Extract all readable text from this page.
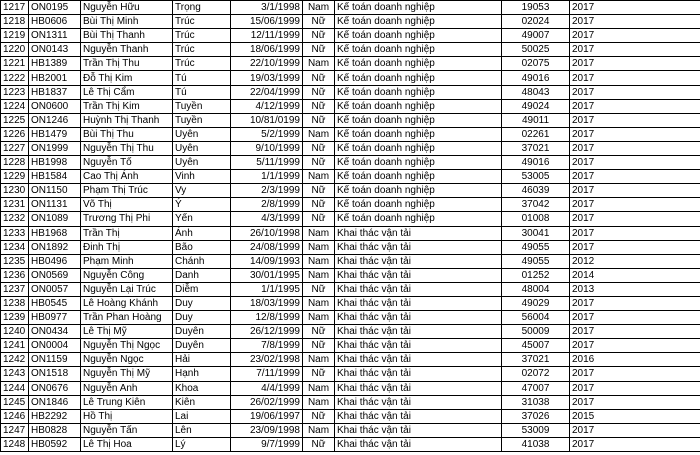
1217	ON0195	Nguyễn Hữu	Trọng	3/1/1998	Nam	Kế toán doanh nghiệp	19053	2017
1218	HB0606	Bùi Thị Minh	Trúc	15/06/1999	Nữ	Kế toán doanh nghiệp	02024	2017
1219	ON1311	Bùi Thị Thanh	Trúc	12/11/1999	Nữ	Kế toán doanh nghiệp	49007	2017
1220	ON0143	Nguyễn Thanh	Trúc	18/06/1999	Nữ	Kế toán doanh nghiệp	50025	2017
1221	HB1389	Trần Thị Thu	Trúc	22/10/1999	Nam	Kế toán doanh nghiệp	02075	2017
1222	HB2001	Đỗ Thị Kim	Tú	19/03/1999	Nữ	Kế toán doanh nghiệp	49016	2017
1223	HB1837	Lê Thị Cẩm	Tú	22/04/1999	Nữ	Kế toán doanh nghiệp	48043	2017
1224	ON0600	Trần Thị Kim	Tuyền	4/12/1999	Nữ	Kế toán doanh nghiệp	49024	2017
1225	ON1246	Huỳnh Thị Thanh	Tuyền	10/81/0199	Nữ	Kế toán doanh nghiệp	49011	2017
1226	HB1479	Bùi Thị Thu	Uyên	5/2/1999	Nam	Kế toán doanh nghiệp	02261	2017
1227	ON1999	Nguyễn Thị Thu	Uyên	9/10/1999	Nữ	Kế toán doanh nghiệp	37021	2017
1228	HB1998	Nguyễn Tố	Uyên	5/11/1999	Nữ	Kế toán doanh nghiệp	49016	2017
1229	HB1584	Cao Thị Ánh	Vinh	1/1/1999	Nam	Kế toán doanh nghiệp	53005	2017
1230	ON1150	Phạm Thị Trúc	Vy	2/3/1999	Nữ	Kế toán doanh nghiệp	46039	2017
1231	ON1131	Võ Thị	Ý	2/8/1999	Nữ	Kế toán doanh nghiệp	37042	2017
1232	ON1089	Trương Thị Phi	Yến	4/3/1999	Nữ	Kế toán doanh nghiệp	01008	2017
1233	HB1968	Trần Thị	Ánh	26/10/1998	Nam	Khai thác vận tải	30041	2017
1234	ON1892	Đinh Thị	Bão	24/08/1999	Nam	Khai thác vận tải	49055	2017
1235	HB0496	Phạm Minh	Chánh	14/09/1993	Nam	Khai thác vận tải	49055	2012
1236	ON0569	Nguyễn Công	Danh	30/01/1995	Nam	Khai thác vận tải	01252	2014
1237	ON0057	Nguyễn Lại Trúc	Diễm	1/1/1995	Nữ	Khai thác vận tải	48004	2013
1238	HB0545	Lê Hoàng Khánh	Duy	18/03/1999	Nam	Khai thác vận tải	49029	2017
1239	HB0977	Trần Phan Hoàng	Duy	12/8/1999	Nam	Khai thác vận tải	56004	2017
1240	ON0434	Lê Thị Mỹ	Duyên	26/12/1999	Nữ	Khai thác vận tải	50009	2017
1241	ON0004	Nguyễn Thị Ngọc	Duyên	7/8/1999	Nữ	Khai thác vận tải	45007	2017
1242	ON1159	Nguyễn Ngọc	Hải	23/02/1998	Nam	Khai thác vận tải	37021	2016
1243	ON1518	Nguyễn Thị Mỹ	Hạnh	7/11/1999	Nữ	Khai thác vận tải	02072	2017
1244	ON0676	Nguyễn Anh	Khoa	4/4/1999	Nam	Khai thác vận tải	47007	2017
1245	ON1846	Lê Trung Kiên	Kiên	26/02/1999	Nam	Khai thác vận tải	31038	2017
1246	HB2292	Hồ Thị	Lai	19/06/1997	Nữ	Khai thác vận tải	37026	2015
1247	HB0828	Nguyễn Tấn	Lên	23/09/1998	Nam	Khai thác vận tải	53009	2017
1248	HB0592	Lê Thị Hoa	Lý	9/7/1999	Nữ	Khai thác vận tải	41038	2017
